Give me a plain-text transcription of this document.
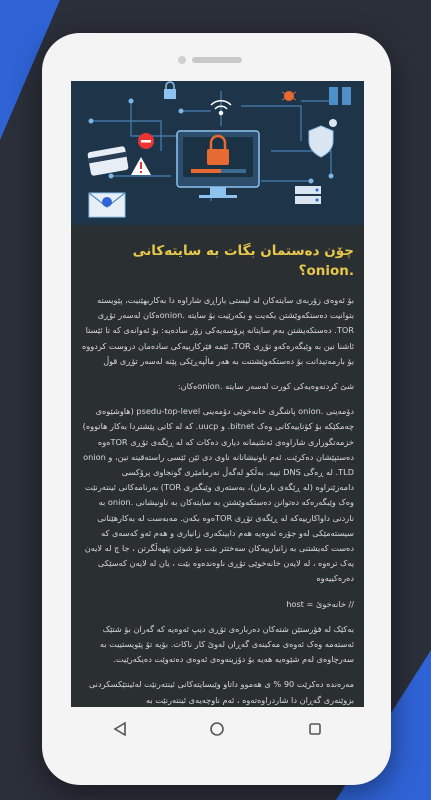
چۆن دەستمان بگات بە سایتەکانی .onion؟

بۆ ئەوەی زۆربەی سایتەکان لە لیستی بازاڕی شاراوە دا بەکاربهێنیت، پێویستە بتوانیت دەستکەوێشتن بکەیت و بکەرێیت بۆ سایتە .onionەکان لەسەر تۆڕی TOR. دەستکەیشتن بەم سایتانە پرۆسەیەکی زۆر سادەیە: بۆ ئەوانەی کە تا ئێستا ئاشنا نین بە وێبگەرەکەو تۆڕی TOR، ئێمە فێرکارییەکی سادەمان دروست کردووە بۆ بارمەتیدانت بۆ دەستکەوێشتنت بە هەر ماڵپەڕێکی پێنە لەسەر تۆڕی قوڵ

شێ کردنەوەیەکی کورت لەسەر سایتە .onionەکان:

دۆمەینی .onion پاشگری خانەخوێی دۆمەینی psedu-top-level (هاوشێوەی چەمکێکە بۆ کۆتاییەکانی وەک bitnet. و uucp. کە لە کاتی پێشتردا بەکار هاتووە) خزمەتگوزاری شاراوەی ئەنئنیمانە دیاری دەکات کە لە ڕێگەی تۆڕی TORەوە دەستپێشان دەکرێت. ئەم ناونیشانانە ناوی دی ئێن ئێسی راستەقینە نین، و onion TLD. لە ڕەگی DNS نییە. بەڵکو لەگەڵ نەرمامێری گونجاوی پرۆکسی دامەزێنراوە (لە ڕێگەی بارمان)، بەستەری وێبگەری TOR) بەرنامەکانی ئینتەرنێت وەک وێبگەرەکە دەتوانن دەستکەوێشتن بە سایتەکان بە ناونیشانی .onion بە ناردنی داواکارییەکە لە ڕێگەی تۆڕی TORەوە بکەن. مەبەست لە بەکارهێنانی سیستەمێکی لەو جۆرە ئەوەیە هەم دابینکەری زانیاری و هەم ئەو کەسەی کە دەست کەیشتنی بە زانیارییەکان سەختتر بێت بۆ شوێن پێهەڵگرتن ، جا چ لە لایەن یەک ترەوە ، لە لایەن خانەخوێی تۆڕی ناوەندەوە بێت ، یان لە لایەن کەسێکی دەرەکییەوە

// خانەخوێ = host

بەکێک لە فۆرستێن شتەکان دەربارەی تۆڕی دیپ ئەوەیە کە گەران بۆ شتێک ئەستەمە وەک ئەوەی مەکینەی گەڕان لەوێ کار ناکات. بۆیە تۆ پێویستییت بە سەرچاوەی لەم شێوەیە هەیە بۆ دۆزینەوەی ئەوەی دەتەوێت دەیکەرێیت.

مەرەندە دەکرێت 90 % ی هەموو داتاو وێبسایتەکانی ئینتەرنێت لەئینتێکسکردنی بزوێنەری گەڕان دا شاردراوەتەوە ، ئەم ناوچەیەی ئینتەرنێت بە
